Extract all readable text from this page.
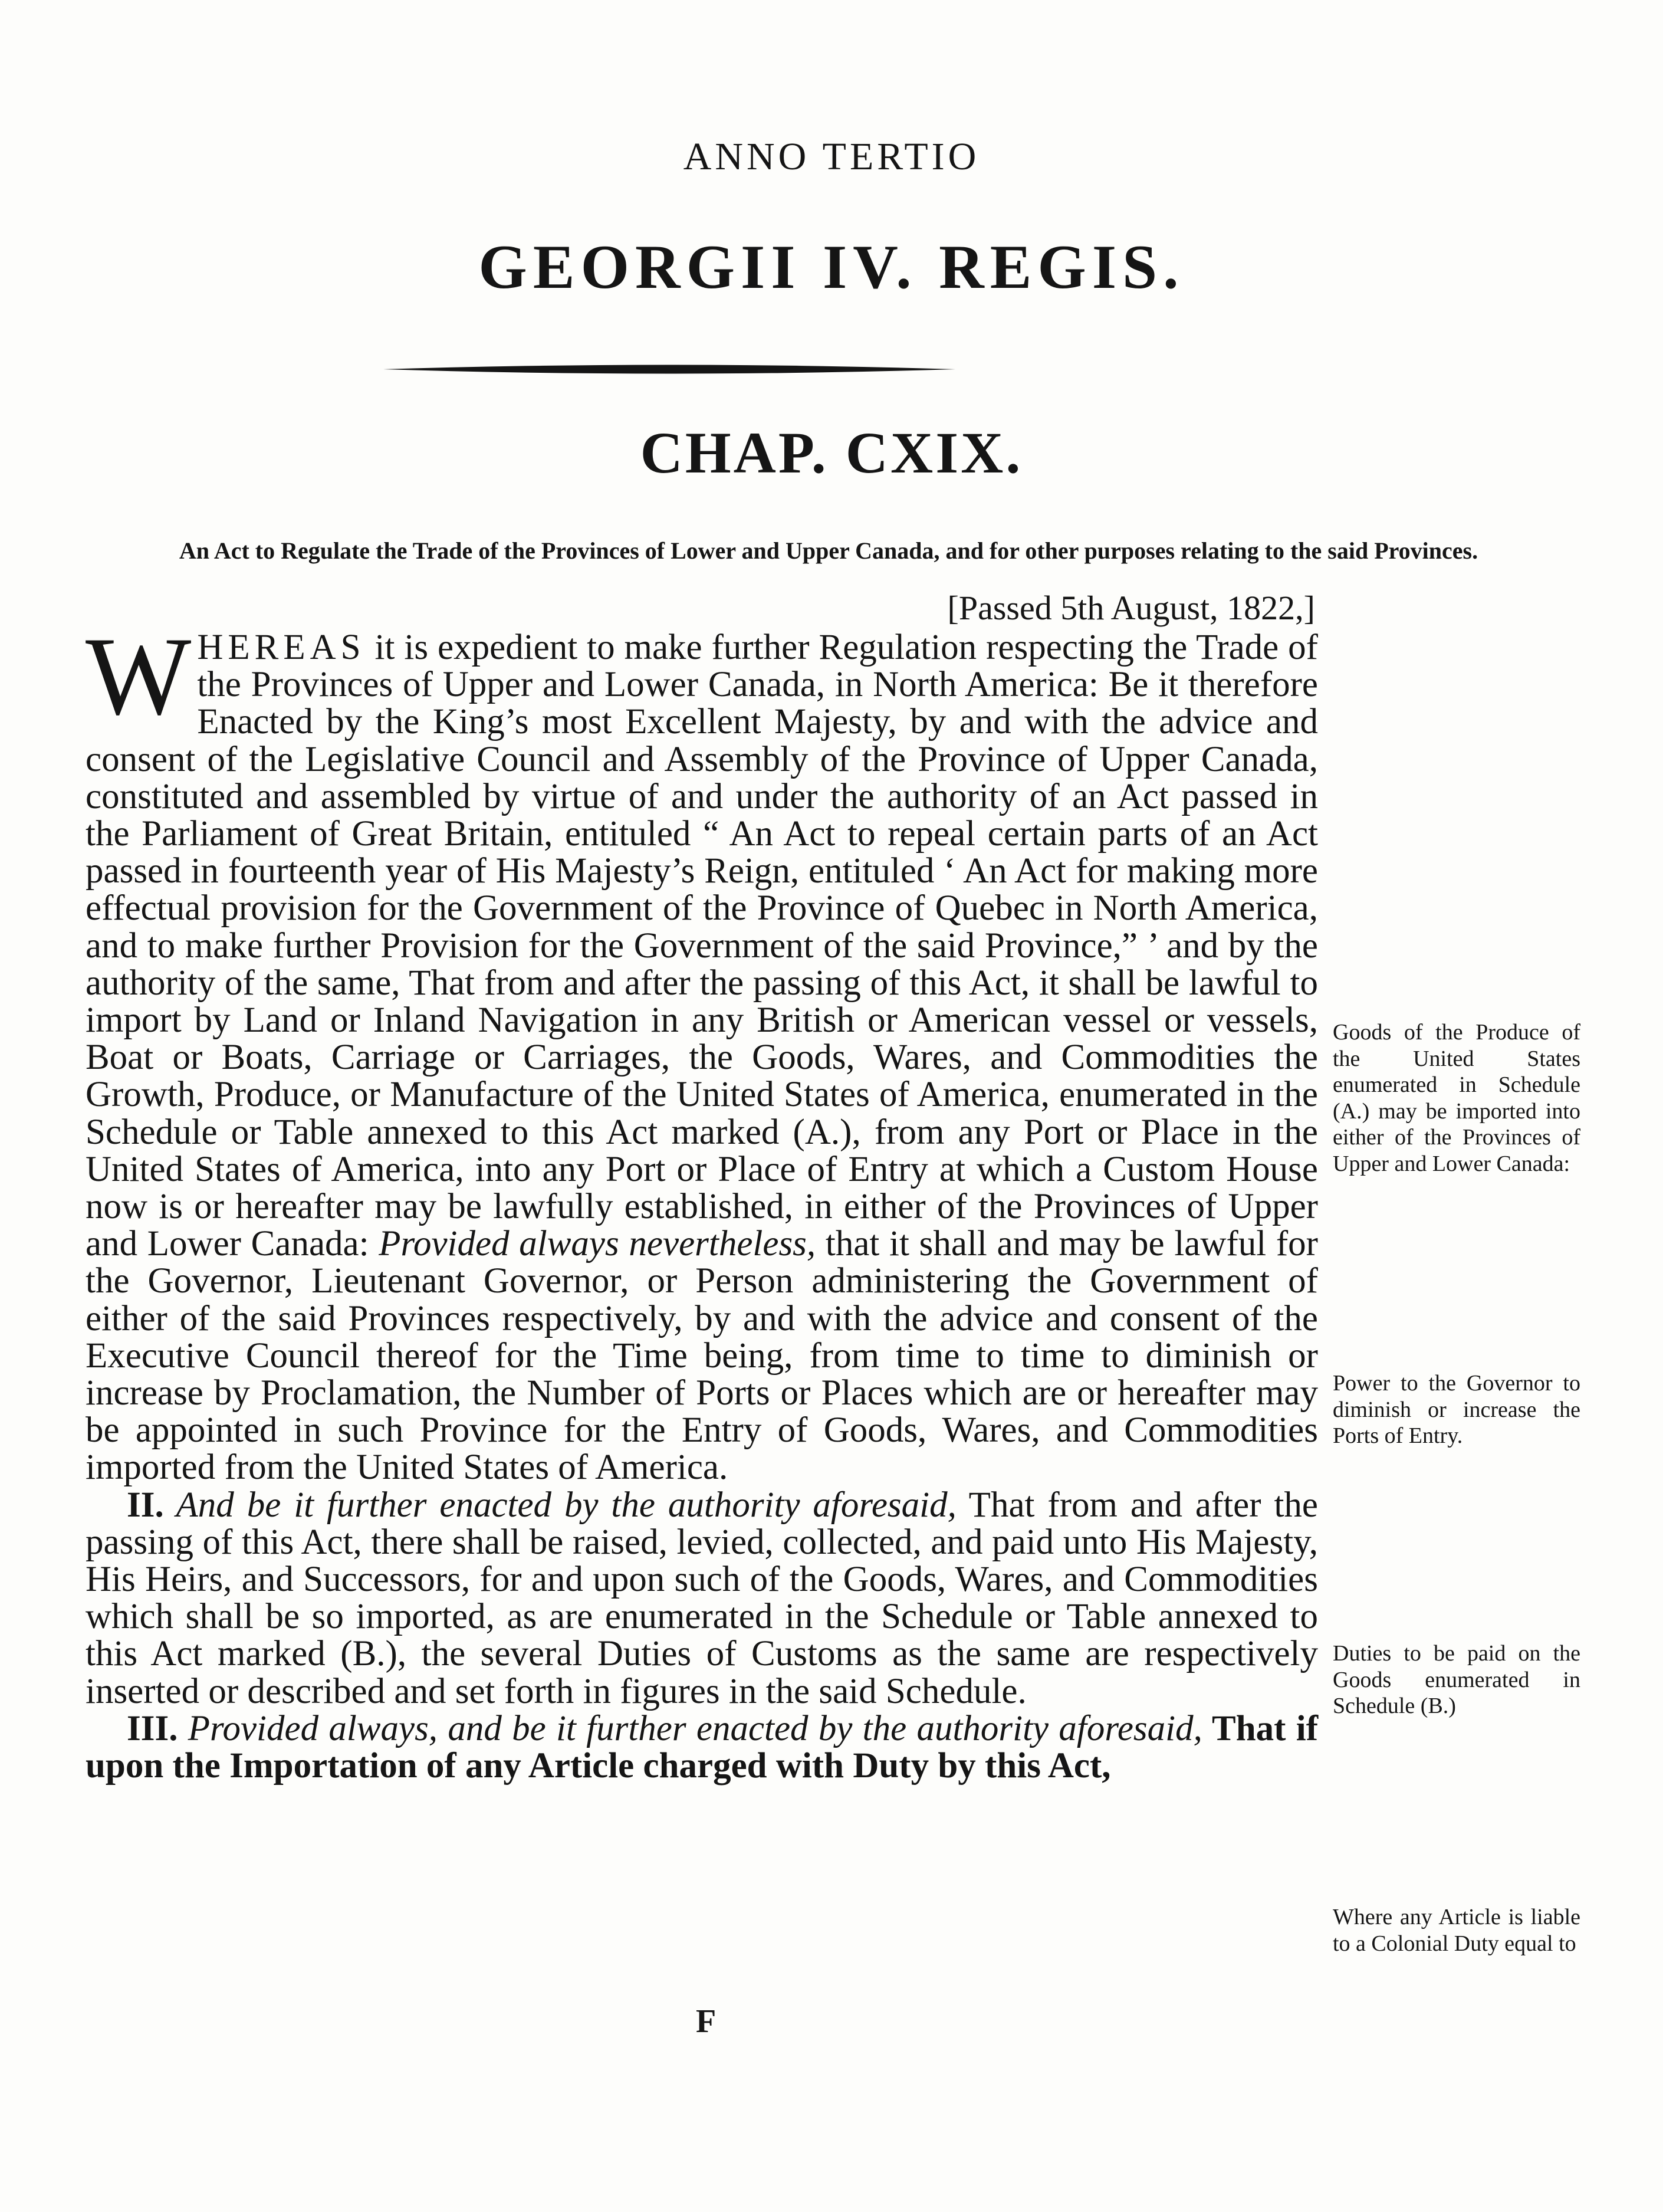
ANNO TERTIO
GEORGII IV. REGIS.
CHAP. CXIX.
An Act to Regulate the Trade of the Provinces of Lower and Upper Canada, and for other purposes relating to the said Provinces.
[Passed 5th August, 1822,]

WHEREAS it is expedient to make further Regulation respecting the Trade of the Provinces of Upper and Lower Canada, in North America: Be it therefore Enacted by the King’s most Excellent Majesty, by and with the advice and consent of the Legislative Council and Assembly of the Province of Upper Canada, constituted and assembled by virtue of and under the authority of an Act passed in the Parliament of Great Britain, entituled “ An Act to repeal certain parts of an Act passed in fourteenth year of His Majesty’s Reign, entituled ‘ An Act for making more effectual provision for the Government of the Province of Quebec in North America, and to make further Provision for the Government of the said Province,” ’ and by the authority of the same, That from and after the passing of this Act, it shall be lawful to import by Land or Inland Navigation in any British or American vessel or vessels, Boat or Boats, Carriage or Carriages, the Goods, Wares, and Commodities the Growth, Produce, or Manufacture of the United States of America, enumerated in the Schedule or Table annexed to this Act marked (A.), from any Port or Place in the United States of America, into any Port or Place of Entry at which a Custom House now is or hereafter may be lawfully established, in either of the Provinces of Upper and Lower Canada: Provided always nevertheless, that it shall and may be lawful for the Governor, Lieutenant Governor, or Person administering the Government of either of the said Provinces respectively, by and with the advice and consent of the Executive Council thereof for the Time being, from time to time to diminish or increase by Proclamation, the Number of Ports or Places which are or hereafter may be appointed in such Province for the Entry of Goods, Wares, and Commodities imported from the United States of America.

II. And be it further enacted by the authority aforesaid, That from and after the passing of this Act, there shall be raised, levied, collected, and paid unto His Majesty, His Heirs, and Successors, for and upon such of the Goods, Wares, and Commodities which shall be so imported, as are enumerated in the Schedule or Table annexed to this Act marked (B.), the several Duties of Customs as the same are respectively inserted or described and set forth in figures in the said Schedule.

III. Provided always, and be it further enacted by the authority aforesaid, That if upon the Importation of any Article charged with Duty by this Act,

Goods of the Produce of the United States enumerated in Schedule (A.) may be imported into either of the Provinces of Upper and Lower Canada:
Power to the Governor to diminish or increase the Ports of Entry.
Duties to be paid on the Goods enumerated in Schedule (B.)
Where any Article is liable to a Colonial Duty equal to
F
